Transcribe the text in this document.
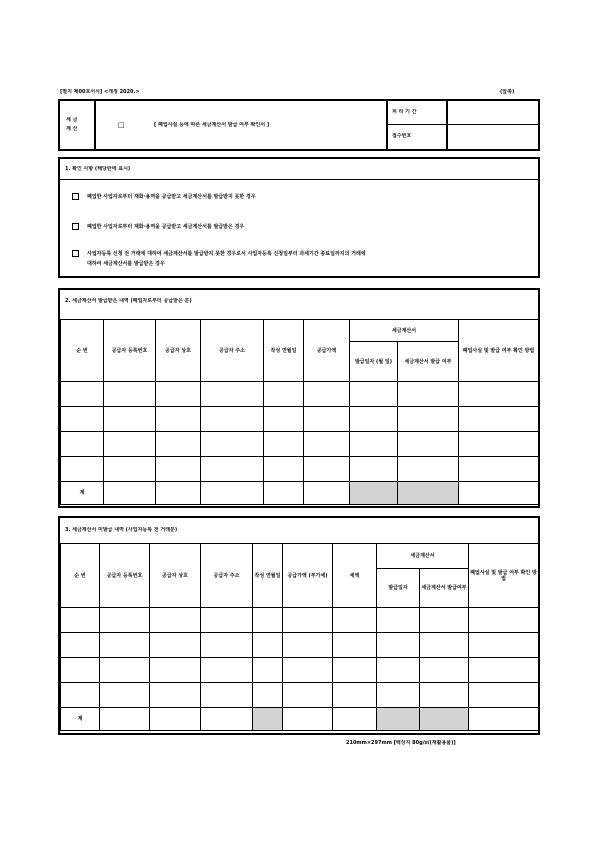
[별지 제00호서식] <개정 2020.>	(앞쪽)
세 금
계 산	□	[ 폐업사실 등에 따른 세금계산서 발급 여부 확인서 ]
처 리 기 간
접수번호
1. 확인 사항 (해당란에 표시)
폐업한 사업자로부터 재화·용역을 공급받고 세금계산서를 발급받지 못한 경우
폐업한 사업자로부터 재화·용역을 공급받고 세금계산서를 발급받은 경우
사업자등록 신청 전 거래에 대하여 세금계산서를 발급받지 못한 경우로서 사업자등록 신청일부터 과세기간 종료일까지의 거래에
대하여 세금계산서를 발급받은 경우
2. 세금계산서 발급받은 내역 (폐업자로부터 공급받은 분)
순 번	공급자 등록번호	공급자 상호	공급자 주소	작성 연월일	공급가액	세금계산서		폐업사실 및 발급 여부 확인 방법
						발급일자 (월 일)	세금계산서 발급 여부	

계								
3. 세금계산서 미발급 내역 (사업자등록 전 거래분)
순 번	공급자 등록번호	공급자 상호	공급자 주소	작성 연월일	공급가액 (부가세)	세액	세금계산서		폐업사실 및 발급 여부 확인 방법
							발급일자	세금계산서 발급여부	

계									
210mm×297mm [백상지 80g/㎡(재활용품)]
